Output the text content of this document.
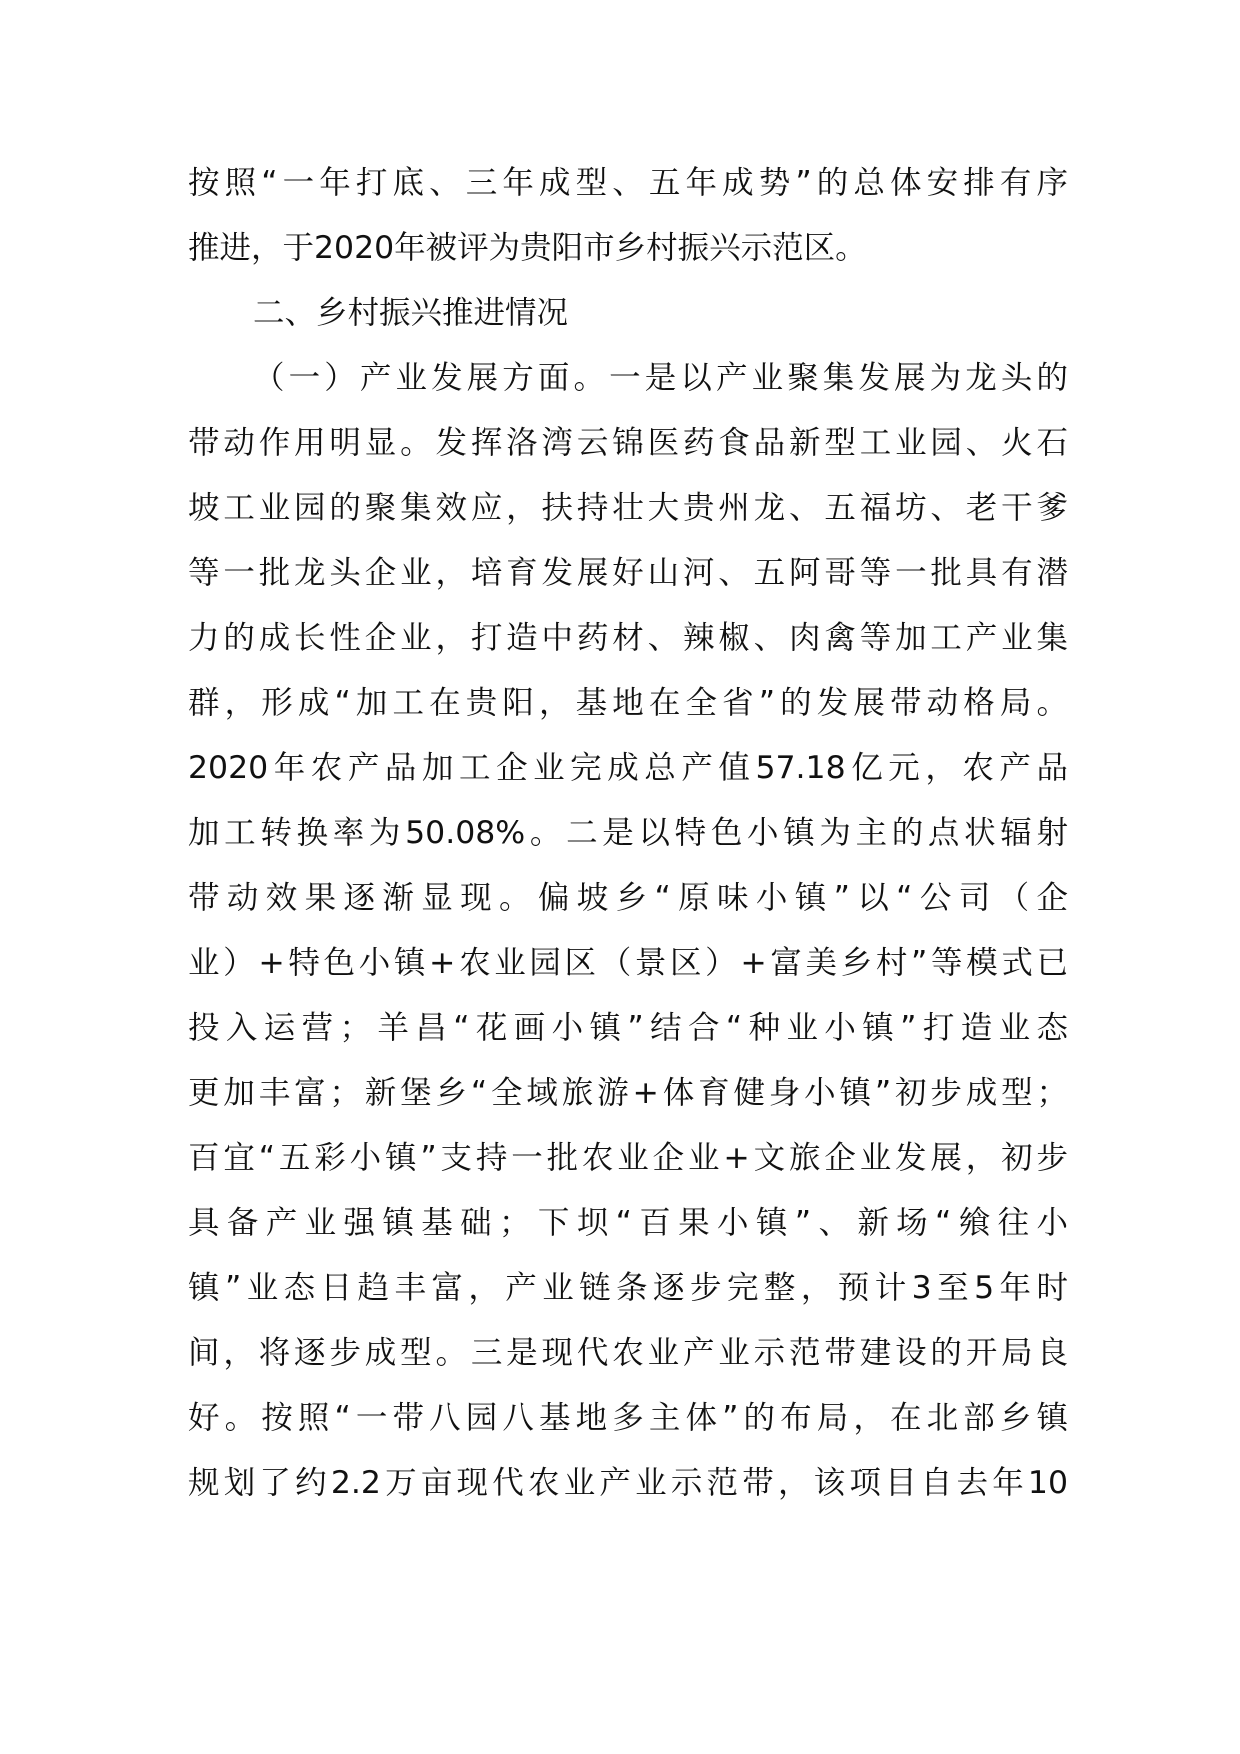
按照“一年打底、三年成型、五年成势”的总体安排有序
推进，于2020年被评为贵阳市乡村振兴示范区。
二、乡村振兴推进情况
（一）产业发展方面。一是以产业聚集发展为龙头的
带动作用明显。发挥洛湾云锦医药食品新型工业园、火石
坡工业园的聚集效应，扶持壮大贵州龙、五福坊、老干爹
等一批龙头企业，培育发展好山河、五阿哥等一批具有潜
力的成长性企业，打造中药材、辣椒、肉禽等加工产业集
群，形成“加工在贵阳，基地在全省”的发展带动格局。
2020年农产品加工企业完成总产值57.18亿元，农产品
加工转换率为50.08%。二是以特色小镇为主的点状辐射
带动效果逐渐显现。偏坡乡“原味小镇”以“公司（企
业）+特色小镇+农业园区（景区）+富美乡村”等模式已
投入运营；羊昌“花画小镇”结合“种业小镇”打造业态
更加丰富；新堡乡“全域旅游+体育健身小镇”初步成型；
百宜“五彩小镇”支持一批农业企业+文旅企业发展，初步
具备产业强镇基础；下坝“百果小镇”、新场“飨往小
镇”业态日趋丰富，产业链条逐步完整，预计3至5年时
间，将逐步成型。三是现代农业产业示范带建设的开局良
好。按照“一带八园八基地多主体”的布局，在北部乡镇
规划了约2.2万亩现代农业产业示范带，该项目自去年10
